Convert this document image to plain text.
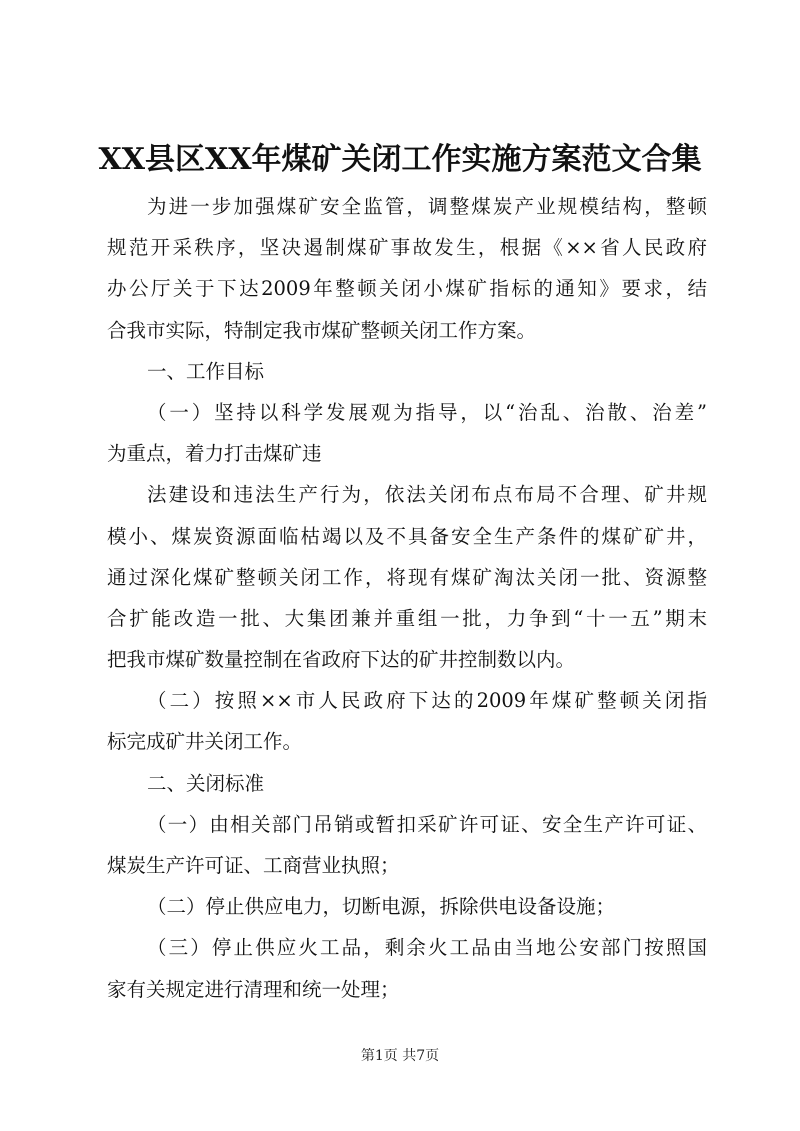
XX县区XX年煤矿关闭工作实施方案范文合集
为进一步加强煤矿安全监管，调整煤炭产业规模结构，整顿
规范开采秩序，坚决遏制煤矿事故发生，根据《××省人民政府
办公厅关于下达2009年整顿关闭小煤矿指标的通知》要求，结
合我市实际，特制定我市煤矿整顿关闭工作方案。
一、工作目标
（一）坚持以科学发展观为指导，以“治乱、治散、治差”
为重点，着力打击煤矿违
法建设和违法生产行为，依法关闭布点布局不合理、矿井规
模小、煤炭资源面临枯竭以及不具备安全生产条件的煤矿矿井，
通过深化煤矿整顿关闭工作，将现有煤矿淘汰关闭一批、资源整
合扩能改造一批、大集团兼并重组一批，力争到“十一五”期末
把我市煤矿数量控制在省政府下达的矿井控制数以内。
（二）按照××市人民政府下达的2009年煤矿整顿关闭指
标完成矿井关闭工作。
二、关闭标准
（一）由相关部门吊销或暂扣采矿许可证、安全生产许可证、
煤炭生产许可证、工商营业执照；
（二）停止供应电力，切断电源，拆除供电设备设施；
（三）停止供应火工品，剩余火工品由当地公安部门按照国
家有关规定进行清理和统一处理；
第1页 共7页
